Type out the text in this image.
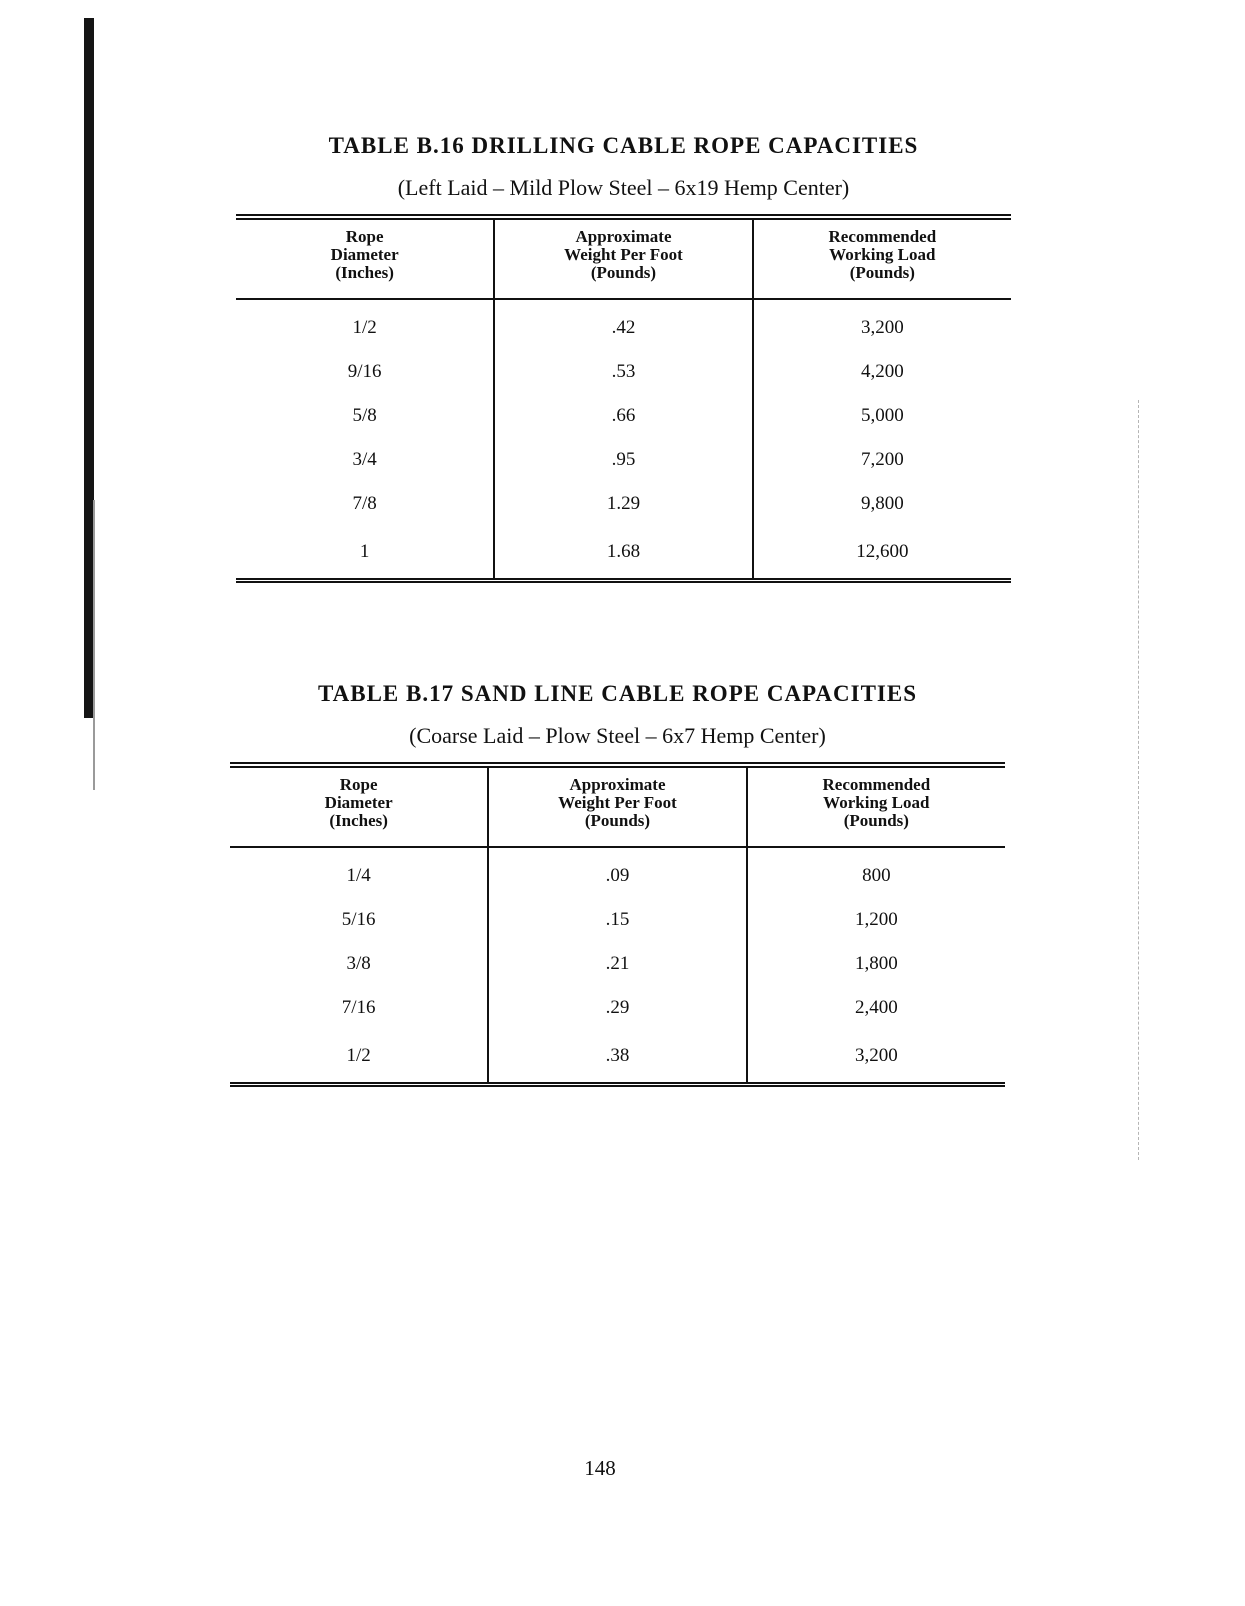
TABLE B.16 DRILLING CABLE ROPE CAPACITIES

(Left Laid – Mild Plow Steel – 6x19 Hemp Center)

Rope
Diameter
(Inches)	Approximate
Weight Per Foot
(Pounds)	Recommended
Working Load
(Pounds)

1/2	.42	3,200
9/16	.53	4,200
5/8	.66	5,000
3/4	.95	7,200
7/8	1.29	9,800
1	1.68	12,600
TABLE B.17 SAND LINE CABLE ROPE CAPACITIES

(Coarse Laid – Plow Steel – 6x7 Hemp Center)

Rope
Diameter
(Inches)	Approximate
Weight Per Foot
(Pounds)	Recommended
Working Load
(Pounds)

1/4	.09	800
5/16	.15	1,200
3/8	.21	1,800
7/16	.29	2,400
1/2	.38	3,200
148
